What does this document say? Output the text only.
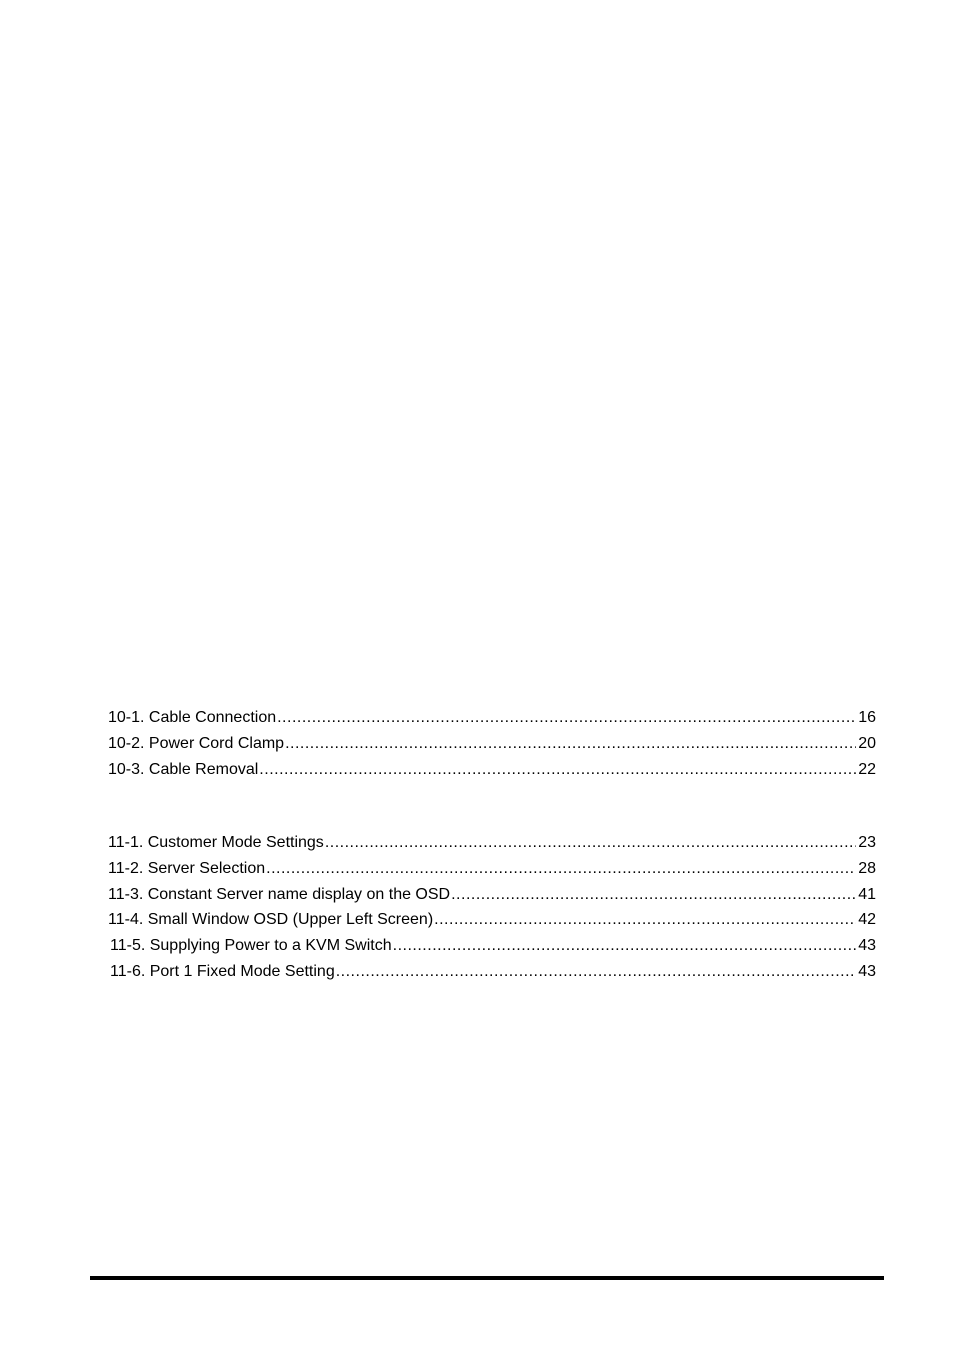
10-1. Cable Connection .....	16
10-2. Power Cord Clamp .....	20
10-3. Cable Removal .....	22
11-1. Customer Mode Settings .....	23
11-2. Server Selection .....	28
11-3. Constant Server name display on the OSD .....	41
11-4. Small Window OSD (Upper Left Screen) .....	42
11-5. Supplying Power to a KVM Switch .....	43
11-6. Port 1 Fixed Mode Setting .....	43
